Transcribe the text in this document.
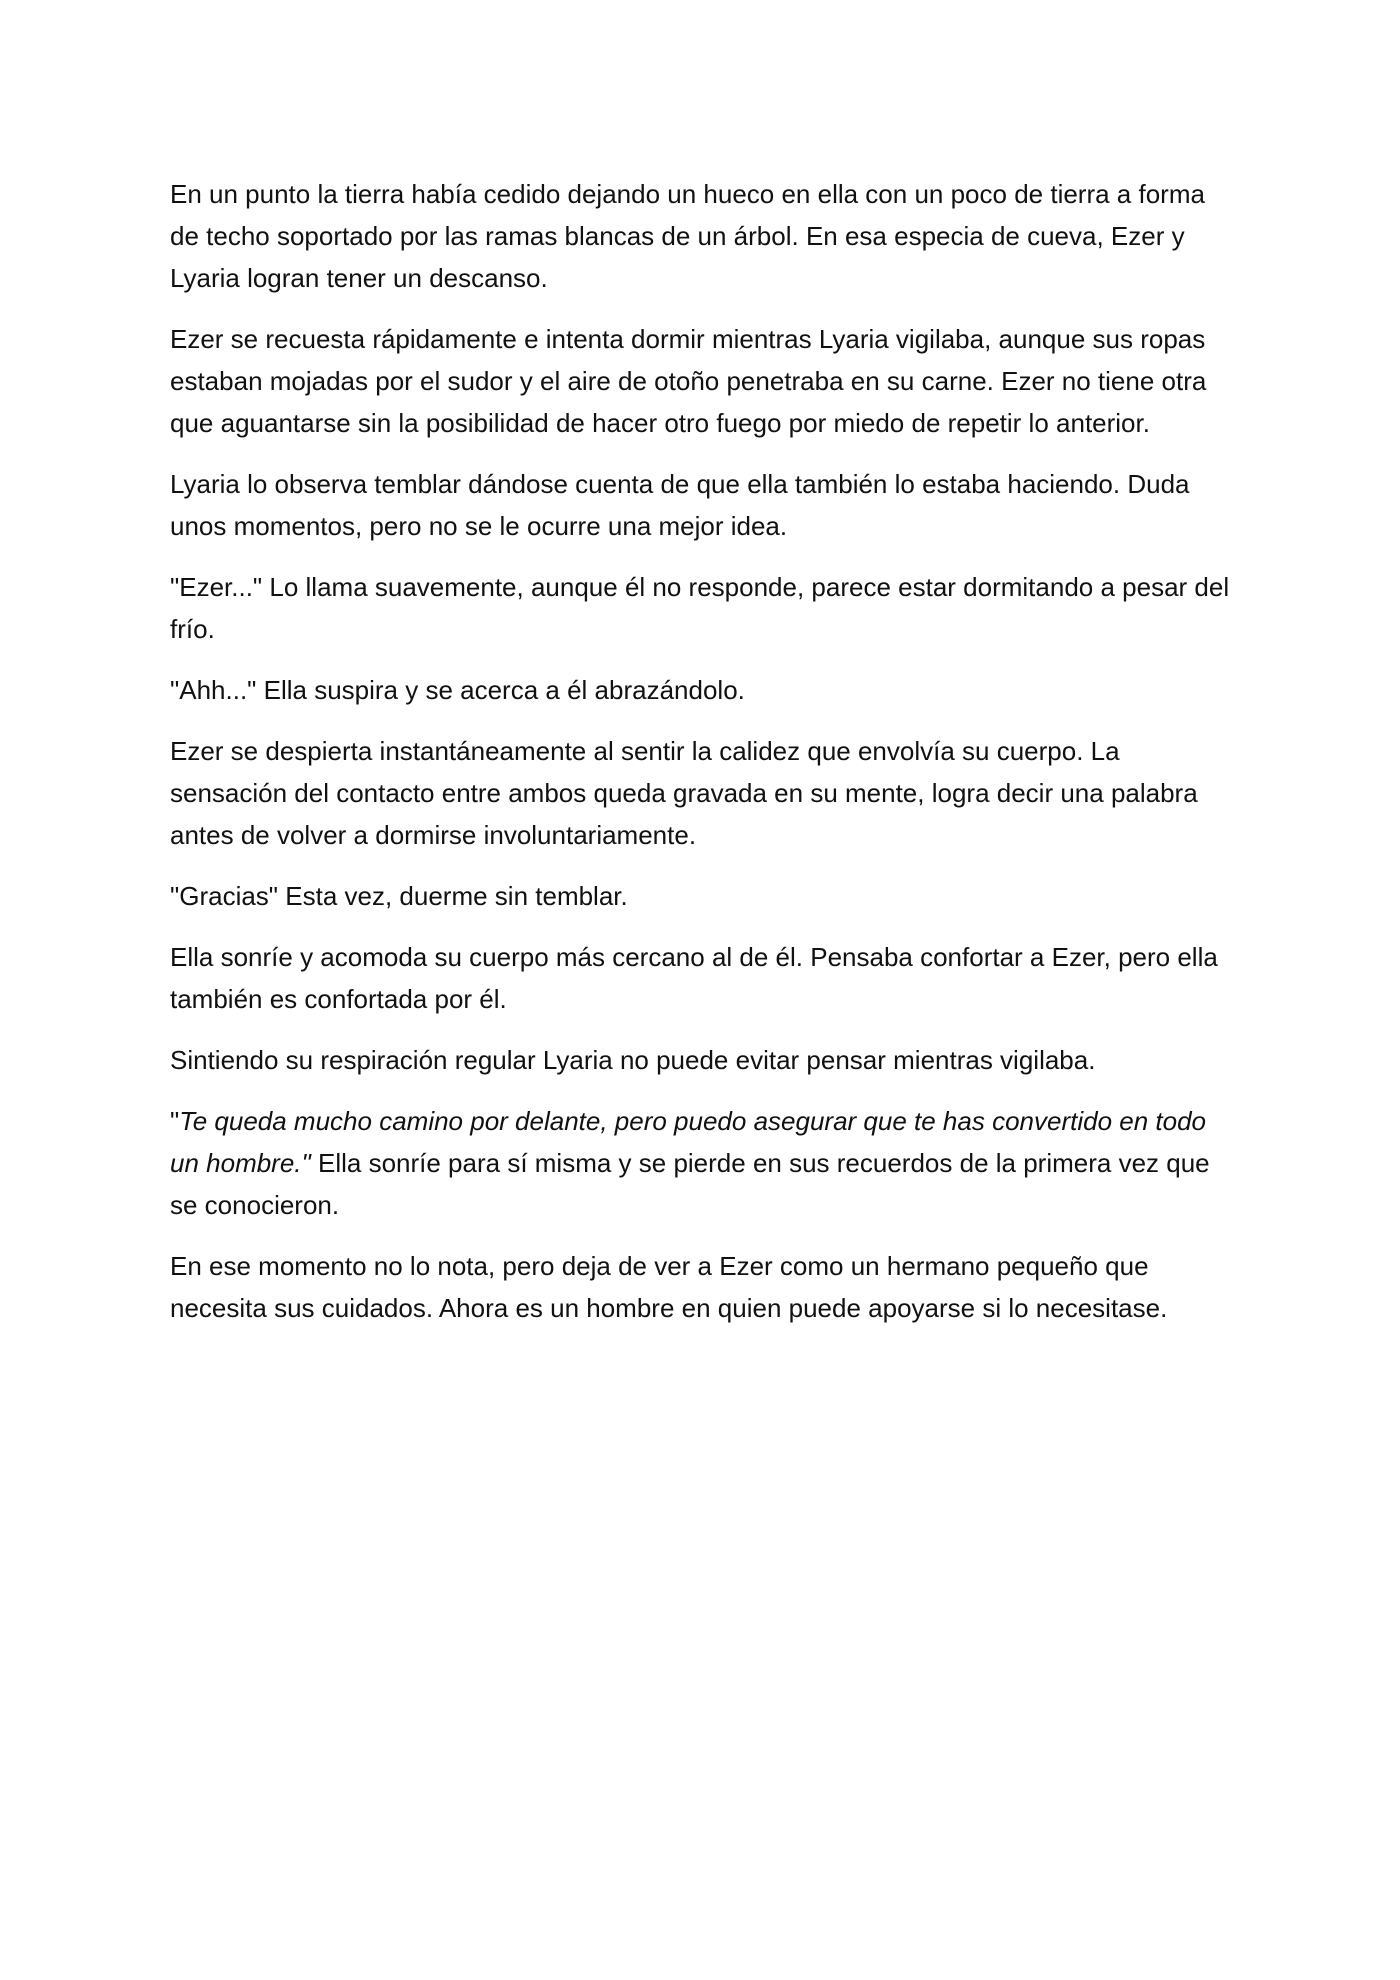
En un punto la tierra había cedido dejando un hueco en ella con un poco de tierra a forma de techo soportado por las ramas blancas de un árbol. En esa especia de cueva, Ezer y Lyaria logran tener un descanso.

Ezer se recuesta rápidamente e intenta dormir mientras Lyaria vigilaba, aunque sus ropas estaban mojadas por el sudor y el aire de otoño penetraba en su carne. Ezer no tiene otra que aguantarse sin la posibilidad de hacer otro fuego por miedo de repetir lo anterior.

Lyaria lo observa temblar dándose cuenta de que ella también lo estaba haciendo. Duda unos momentos, pero no se le ocurre una mejor idea.

"Ezer..." Lo llama suavemente, aunque él no responde, parece estar dormitando a pesar del frío.

"Ahh..." Ella suspira y se acerca a él abrazándolo.

Ezer se despierta instantáneamente al sentir la calidez que envolvía su cuerpo. La sensación del contacto entre ambos queda gravada en su mente, logra decir una palabra antes de volver a dormirse involuntariamente.

"Gracias" Esta vez, duerme sin temblar.

Ella sonríe y acomoda su cuerpo más cercano al de él. Pensaba confortar a Ezer, pero ella también es confortada por él.

Sintiendo su respiración regular Lyaria no puede evitar pensar mientras vigilaba.

"Te queda mucho camino por delante, pero puedo asegurar que te has convertido en todo un hombre." Ella sonríe para sí misma y se pierde en sus recuerdos de la primera vez que se conocieron.

En ese momento no lo nota, pero deja de ver a Ezer como un hermano pequeño que necesita sus cuidados. Ahora es un hombre en quien puede apoyarse si lo necesitase.
